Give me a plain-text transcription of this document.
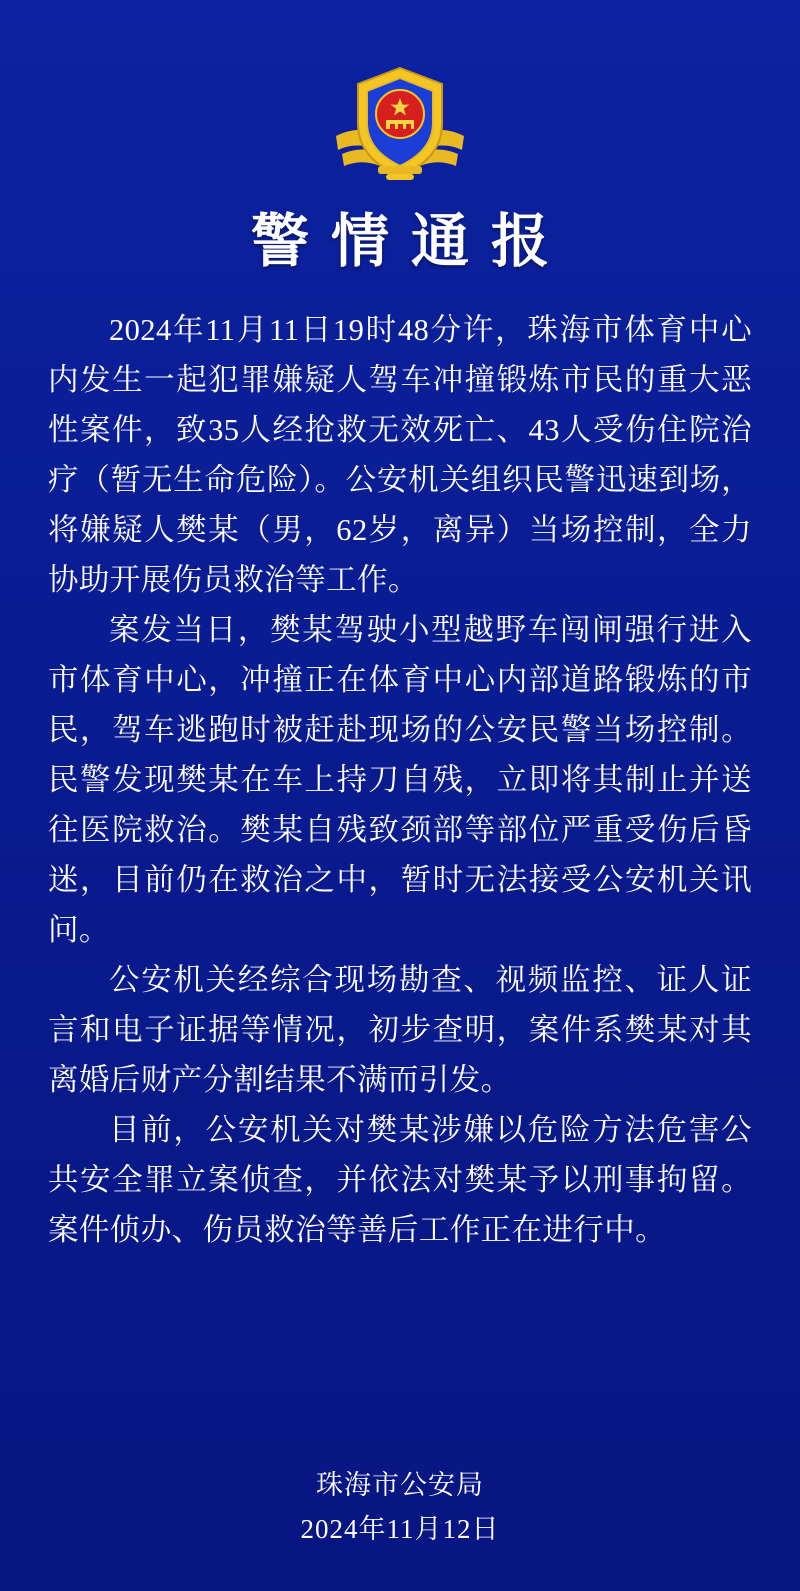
警情通报

2024年11月11日19时48分许，珠海市体育中心内发生一起犯罪嫌疑人驾车冲撞锻炼市民的重大恶性案件，致35人经抢救无效死亡、43人受伤住院治疗（暂无生命危险）。公安机关组织民警迅速到场，将嫌疑人樊某（男，62岁，离异）当场控制，全力协助开展伤员救治等工作。

案发当日，樊某驾驶小型越野车闯闸强行进入市体育中心，冲撞正在体育中心内部道路锻炼的市民，驾车逃跑时被赶赴现场的公安民警当场控制。民警发现樊某在车上持刀自残，立即将其制止并送往医院救治。樊某自残致颈部等部位严重受伤后昏迷，目前仍在救治之中，暂时无法接受公安机关讯问。

公安机关经综合现场勘查、视频监控、证人证言和电子证据等情况，初步查明，案件系樊某对其离婚后财产分割结果不满而引发。

目前，公安机关对樊某涉嫌以危险方法危害公共安全罪立案侦查，并依法对樊某予以刑事拘留。案件侦办、伤员救治等善后工作正在进行中。

珠海市公安局
2024年11月12日
